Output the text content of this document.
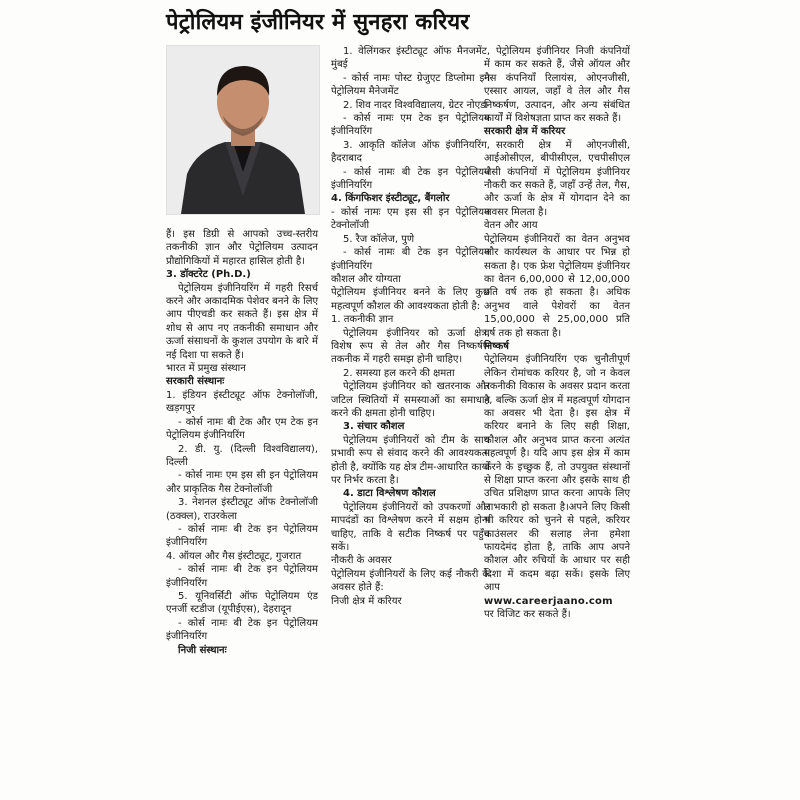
पेट्रोलियम इंजीनियर में सुनहरा करियर

हैं। इस डिग्री से आपको उच्च-स्तरीय तकनीकी ज्ञान और पेट्रोलियम उत्पादन प्रौद्योगिकियों में महारत हासिल होती है।

3. डॉक्टरेट (Ph.D.)

पेट्रोलियम इंजीनियरिंग में गहरी रिसर्च करने और अकादमिक पेशेवर बनने के लिए आप पीएचडी कर सकते हैं। इस क्षेत्र में शोध से आप नए तकनीकी समाधान और ऊर्जा संसाधनों के कुशल उपयोग के बारे में नई दिशा पा सकते हैं।

भारत में प्रमुख संस्थान

सरकारी संस्थानः

1. इंडियन इंस्टीट्यूट ऑफ टेक्नोलॉजी, खड़गपुर

- कोर्स नामः बी टेक और एम टेक इन पेट्रोलियम इंजीनियरिंग

2. डी. यु. (दिल्ली विश्वविद्यालय), दिल्ली

- कोर्स नामः एम इस सी इन पेट्रोलियम और प्राकृतिक गैस टेक्नोलॉजी

3. नेशनल इंस्टीट्यूट ऑफ टेक्नोलॉजी (ठक्क्ल), राउरकेला

- कोर्स नामः बी टेक इन पेट्रोलियम इंजीनियरिंग

4. ऑयल और गैस इंस्टीट्यूट, गुजरात

- कोर्स नामः बी टेक इन पेट्रोलियम इंजीनियरिंग

5. यूनिवर्सिटी ऑफ पेट्रोलियम एंड एनर्जी स्टडीज (यूपीईएस), देहरादून

- कोर्स नामः बी टेक इन पेट्रोलियम इंजीनियरिंग

निजी संस्थानः

1. वेलिंगकर इंस्टीट्यूट ऑफ मैनजमेंट, मुंबई

- कोर्स नामः पोस्ट ग्रेजुएट डिप्लोमा इन पेट्रोलियम मैनेजमेंट

2. शिव नादर विश्वविद्यालय, ग्रेटर नोएडा

- कोर्स नामः एम टेक इन पेट्रोलियम इंजीनियरिंग

3. आकृति कॉलेज ऑफ इंजीनियरिंग, हैदराबाद

- कोर्स नामः बी टेक इन पेट्रोलियम इंजीनियरिंग

4. किंगफिशर इंस्टीट्यूट, बैंगलोर

- कोर्स नामः एम इस सी इन पेट्रोलियम टेक्नोलॉजी

5. रैज कॉलेज, पुणे

- कोर्स नामः बी टेक इन पेट्रोलियम इंजीनियरिंग

कौशल और योग्यता

पेट्रोलियम इंजीनियर बनने के लिए कुछ महत्वपूर्ण कौशल की आवश्यकता होती है:

1. तकनीकी ज्ञान

पेट्रोलियम इंजीनियर को ऊर्जा क्षेत्र, विशेष रूप से तेल और गैस निष्कर्षण तकनीक में गहरी समझ होनी चाहिए।

2. समस्या हल करने की क्षमता

पेट्रोलियम इंजीनियर को खतरनाक और जटिल स्थितियों में समस्याओं का समाधान करने की क्षमता होनी चाहिए।

3. संचार कौशल

पेट्रोलियम इंजीनियरों को टीम के साथ प्रभावी रूप से संवाद करने की आवश्यकता होती है, क्योंकि यह क्षेत्र टीम-आधारित कार्यों पर निर्भर करता है।

4. डाटा विश्लेषण कौशल

पेट्रोलियम इंजीनियरों को उपकरणों और मापदंडों का विश्लेषण करने में सक्षम होना चाहिए, ताकि वे सटीक निष्कर्ष पर पहुँच सकें।

नौकरी के अवसर

पेट्रोलियम इंजीनियरों के लिए कई नौकरी के अवसर होते हैं:

निजी क्षेत्र में करियर

पेट्रोलियम इंजीनियर निजी कंपनियों में काम कर सकते हैं, जैसे ऑयल और गैस कंपनियाँ रिलायंस, ओएनजीसी, एस्सार आयल, जहाँ वे तेल और गैस निष्कर्षण, उत्पादन, और अन्य संबंधित कार्यों में विशेषज्ञता प्राप्त कर सकते हैं।

सरकारी क्षेत्र में करियर

सरकारी क्षेत्र में ओएनजीसी, आईओसीएल, बीपीसीएल, एचपीसीएल जैसी कंपनियों में पेट्रोलियम इंजीनियर नौकरी कर सकते हैं, जहाँ उन्हें तेल, गैस, और ऊर्जा के क्षेत्र में योगदान देने का अवसर मिलता है।

वेतन और आय

पेट्रोलियम इंजीनियरों का वेतन अनुभव और कार्यस्थल के आधार पर भिन्न हो सकता है। एक फ्रेश पेट्रोलियम इंजीनियर का वेतन 6,00,000 से 12,00,000 प्रति वर्ष तक हो सकता है। अधिक अनुभव वाले पेशेवरों का वेतन 15,00,000 से 25,00,000 प्रति वर्ष तक हो सकता है।

निष्कर्ष

पेट्रोलियम इंजीनियरिंग एक चुनौतीपूर्ण लेकिन रोमांचक करियर है, जो न केवल तकनीकी विकास के अवसर प्रदान करता है, बल्कि ऊर्जा क्षेत्र में महत्वपूर्ण योगदान का अवसर भी देता है। इस क्षेत्र में करियर बनाने के लिए सही शिक्षा, कौशल और अनुभव प्राप्त करना अत्यंत महत्वपूर्ण है। यदि आप इस क्षेत्र में काम करने के इच्छुक हैं, तो उपयुक्त संस्थानों से शिक्षा प्राप्त करना और इसके साथ ही उचित प्रशिक्षण प्राप्त करना आपके लिए लाभकारी हो सकता है।अपने लिए किसी भी करियर को चुनने से पहले, करियर काउंसलर की सलाह लेना हमेशा फायदेमंद होता है, ताकि आप अपने कौशल और रुचियों के आधार पर सही दिशा में कदम बढ़ा सकें। इसके लिए आप

www.careerjaano.com

पर विजिट कर सकते हैं।
